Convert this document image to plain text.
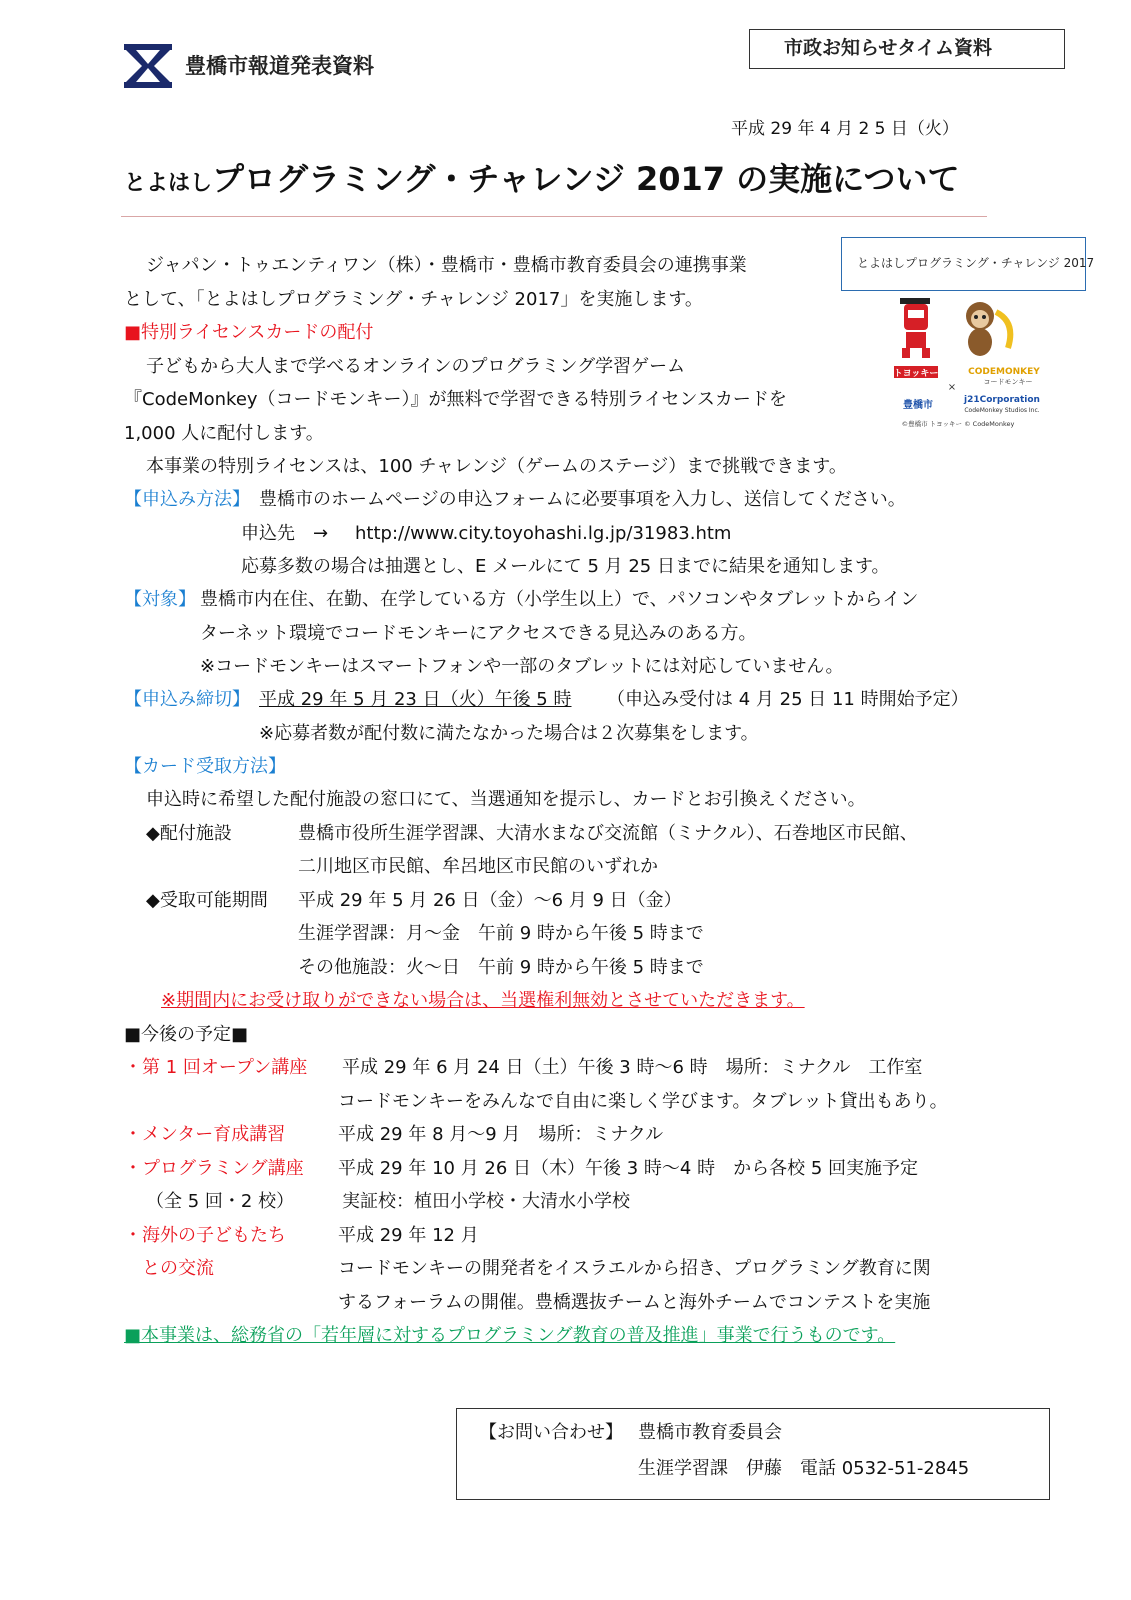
豊橋市報道発表資料
市政お知らせタイム資料
平成 29 年 4 月 2 5 日（火）
とよはしプログラミング・チャレンジ 2017 の実施について
とよはしプログラミング・チャレンジ 2017
トヨッキー	CODEMONKEY
コードモンキー
×
豊橋市	j21Corporation
CodeMonkey Studios Inc.
©豊橋市 トヨッキー © CodeMonkey
ジャパン・トゥエンティワン（株）・豊橋市・豊橋市教育委員会の連携事業
として、「とよはしプログラミング・チャレンジ 2017」を実施します。
■特別ライセンスカードの配付
子どもから大人まで学べるオンラインのプログラミング学習ゲーム
『CodeMonkey（コードモンキー）』が無料で学習できる特別ライセンスカードを
1,000 人に配付します。
本事業の特別ライセンスは、100 チャレンジ（ゲームのステージ）まで挑戦できます。
【申込み方法】 豊橋市のホームページの申込フォームに必要事項を入力し、送信してください。
申込先　→ http://www.city.toyohashi.lg.jp/31983.htm
応募多数の場合は抽選とし、E メールにて 5 月 25 日までに結果を通知します。
【対象】 豊橋市内在住、在勤、在学している方（小学生以上）で、パソコンやタブレットからイン
ターネット環境でコードモンキーにアクセスできる見込みのある方。
※コードモンキーはスマートフォンや一部のタブレットには対応していません。
【申込み締切】 平成 29 年 5 月 23 日（火）午後 5 時 （申込み受付は 4 月 25 日 11 時開始予定）
※応募者数が配付数に満たなかった場合は２次募集をします。
【カード受取方法】
申込時に希望した配付施設の窓口にて、当選通知を提示し、カードとお引換えください。
◆配付施設	豊橋市役所生涯学習課、大清水まなび交流館（ミナクル）、石巻地区市民館、
二川地区市民館、牟呂地区市民館のいずれか
◆受取可能期間 平成 29 年 5 月 26 日（金）～6 月 9 日（金）
生涯学習課：月～金　午前 9 時から午後 5 時まで
その他施設：火～日　午前 9 時から午後 5 時まで
※期間内にお受け取りができない場合は、当選権利無効とさせていただきます。
■今後の予定■
・第 1 回オープン講座 平成 29 年 6 月 24 日（土）午後 3 時～6 時　場所：ミナクル　工作室
コードモンキーをみんなで自由に楽しく学びます。タブレット貸出もあり。
・メンター育成講習	平成 29 年 8 月～9 月　場所：ミナクル
・プログラミング講座 平成 29 年 10 月 26 日（木）午後 3 時～4 時　から各校 5 回実施予定
（全 5 回・2 校）	実証校：植田小学校・大清水小学校
・海外の子どもたち	平成 29 年 12 月
との交流	コードモンキーの開発者をイスラエルから招き、プログラミング教育に関
するフォーラムの開催。豊橋選抜チームと海外チームでコンテストを実施
■本事業は、総務省の「若年層に対するプログラミング教育の普及推進」事業で行うものです。
【お問い合わせ】 豊橋市教育委員会
生涯学習課　伊藤　電話 0532-51-2845
